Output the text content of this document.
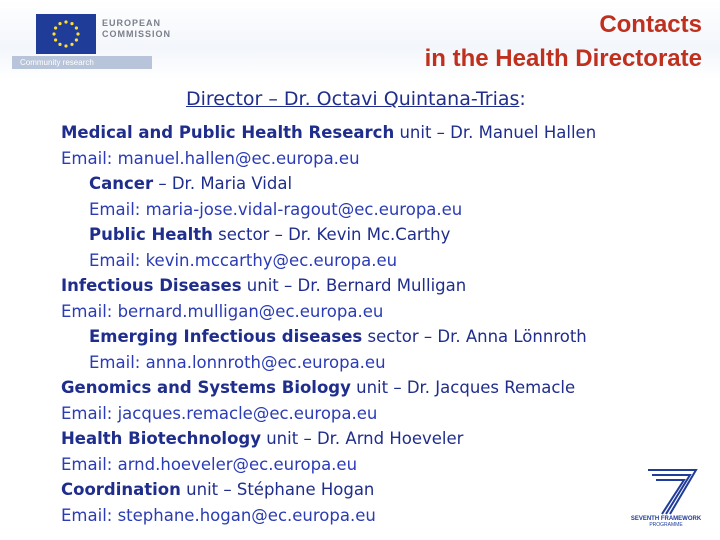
EUROPEAN
COMMISSION
Community research
Contacts
in the Health Directorate
Director – Dr. Octavi Quintana-Trias:
Medical and Public Health Research unit – Dr. Manuel Hallen
Email: manuel.hallen@ec.europa.eu
Cancer – Dr. Maria Vidal
Email: maria-jose.vidal-ragout@ec.europa.eu
Public Health sector – Dr. Kevin Mc.Carthy
Email: kevin.mccarthy@ec.europa.eu
Infectious Diseases unit – Dr. Bernard Mulligan
Email: bernard.mulligan@ec.europa.eu
Emerging Infectious diseases sector – Dr. Anna Lönnroth
Email: anna.lonnroth@ec.europa.eu
Genomics and Systems Biology unit – Dr. Jacques Remacle
Email: jacques.remacle@ec.europa.eu
Health Biotechnology unit – Dr. Arnd Hoeveler
Email: arnd.hoeveler@ec.europa.eu
Coordination unit – Stéphane Hogan
Email: stephane.hogan@ec.europa.eu	SEVENTH FRAMEWORK
PROGRAMME
